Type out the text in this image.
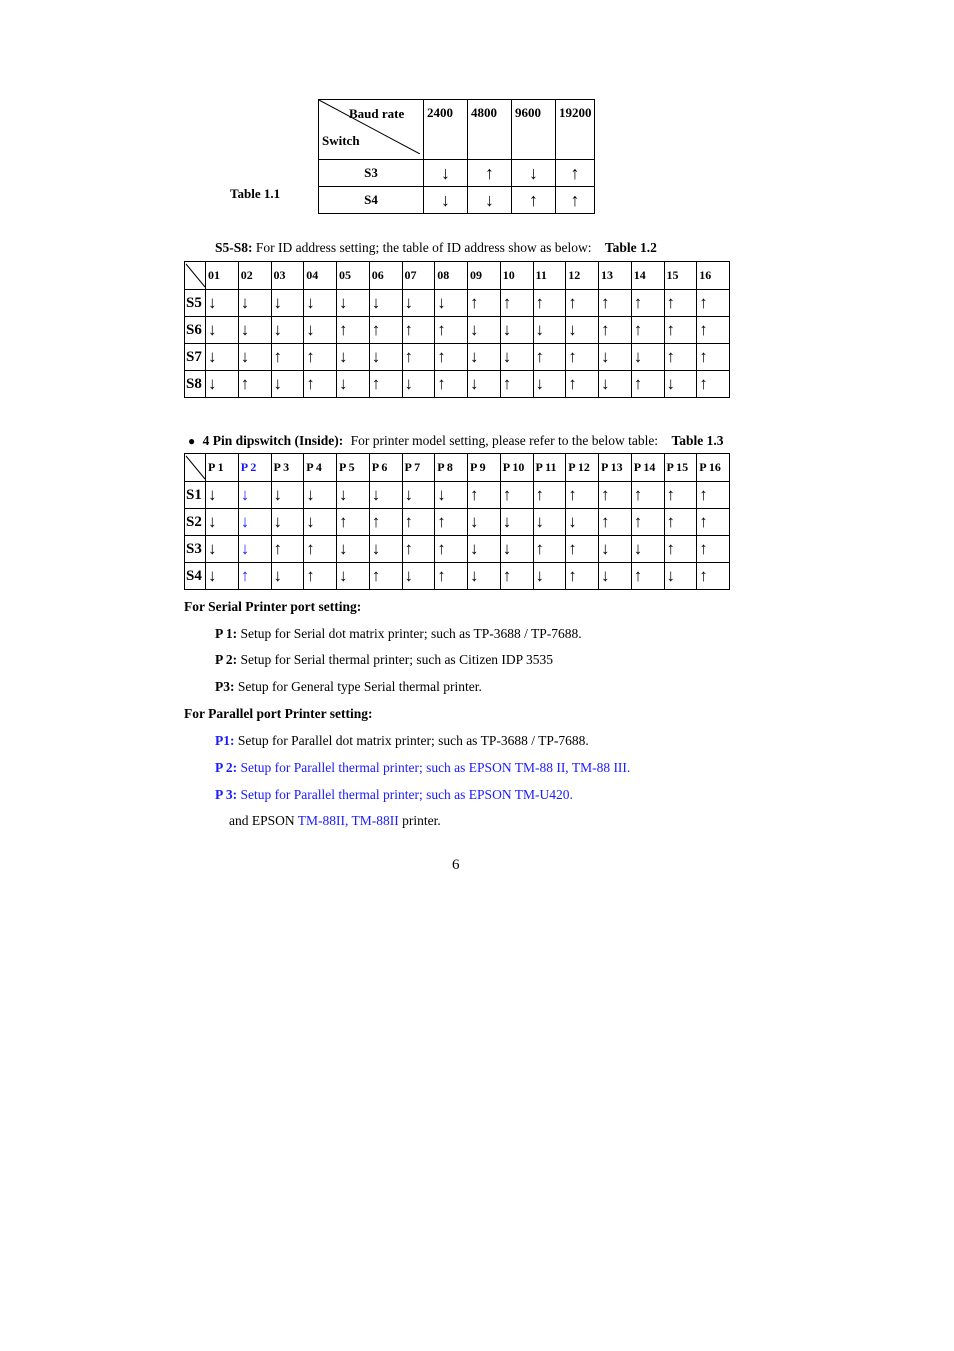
Table 1.1
Baud rate
Switch	2400	4800	9600	19200
S3	↓	↑	↓	↑
S4	↓	↓	↑	↑
S5-S8: For ID address setting; the table of ID address show as below: Table 1.2
	01	02	03	04	05	06	07	08	09	10	11	12	13	14	15	16
S5	↓	↓	↓	↓	↓	↓	↓	↓	↑	↑	↑	↑	↑	↑	↑	↑
S6	↓	↓	↓	↓	↑	↑	↑	↑	↓	↓	↓	↓	↑	↑	↑	↑
S7	↓	↓	↑	↑	↓	↓	↑	↑	↓	↓	↑	↑	↓	↓	↑	↑
S8	↓	↑	↓	↑	↓	↑	↓	↑	↓	↑	↓	↑	↓	↑	↓	↑
● 4 Pin dipswitch (Inside): For printer model setting, please refer to the below table: Table 1.3
	P 1	P 2	P 3	P 4	P 5	P 6	P 7	P 8	P 9	P 10	P 11	P 12	P 13	P 14	P 15	P 16
S1	↓	↓	↓	↓	↓	↓	↓	↓	↑	↑	↑	↑	↑	↑	↑	↑
S2	↓	↓	↓	↓	↑	↑	↑	↑	↓	↓	↓	↓	↑	↑	↑	↑
S3	↓	↓	↑	↑	↓	↓	↑	↑	↓	↓	↑	↑	↓	↓	↑	↑
S4	↓	↑	↓	↑	↓	↑	↓	↑	↓	↑	↓	↑	↓	↑	↓	↑
For Serial Printer port setting:
P 1: Setup for Serial dot matrix printer; such as TP-3688 / TP-7688.
P 2: Setup for Serial thermal printer; such as Citizen IDP 3535
P3: Setup for General type Serial thermal printer.
For Parallel port Printer setting:
P1: Setup for Parallel dot matrix printer; such as TP-3688 / TP-7688.
P 2: Setup for Parallel thermal printer; such as EPSON TM-88 II, TM-88 III.
P 3: Setup for Parallel thermal printer; such as EPSON TM-U420.
and EPSON TM-88II, TM-88II printer.
6
